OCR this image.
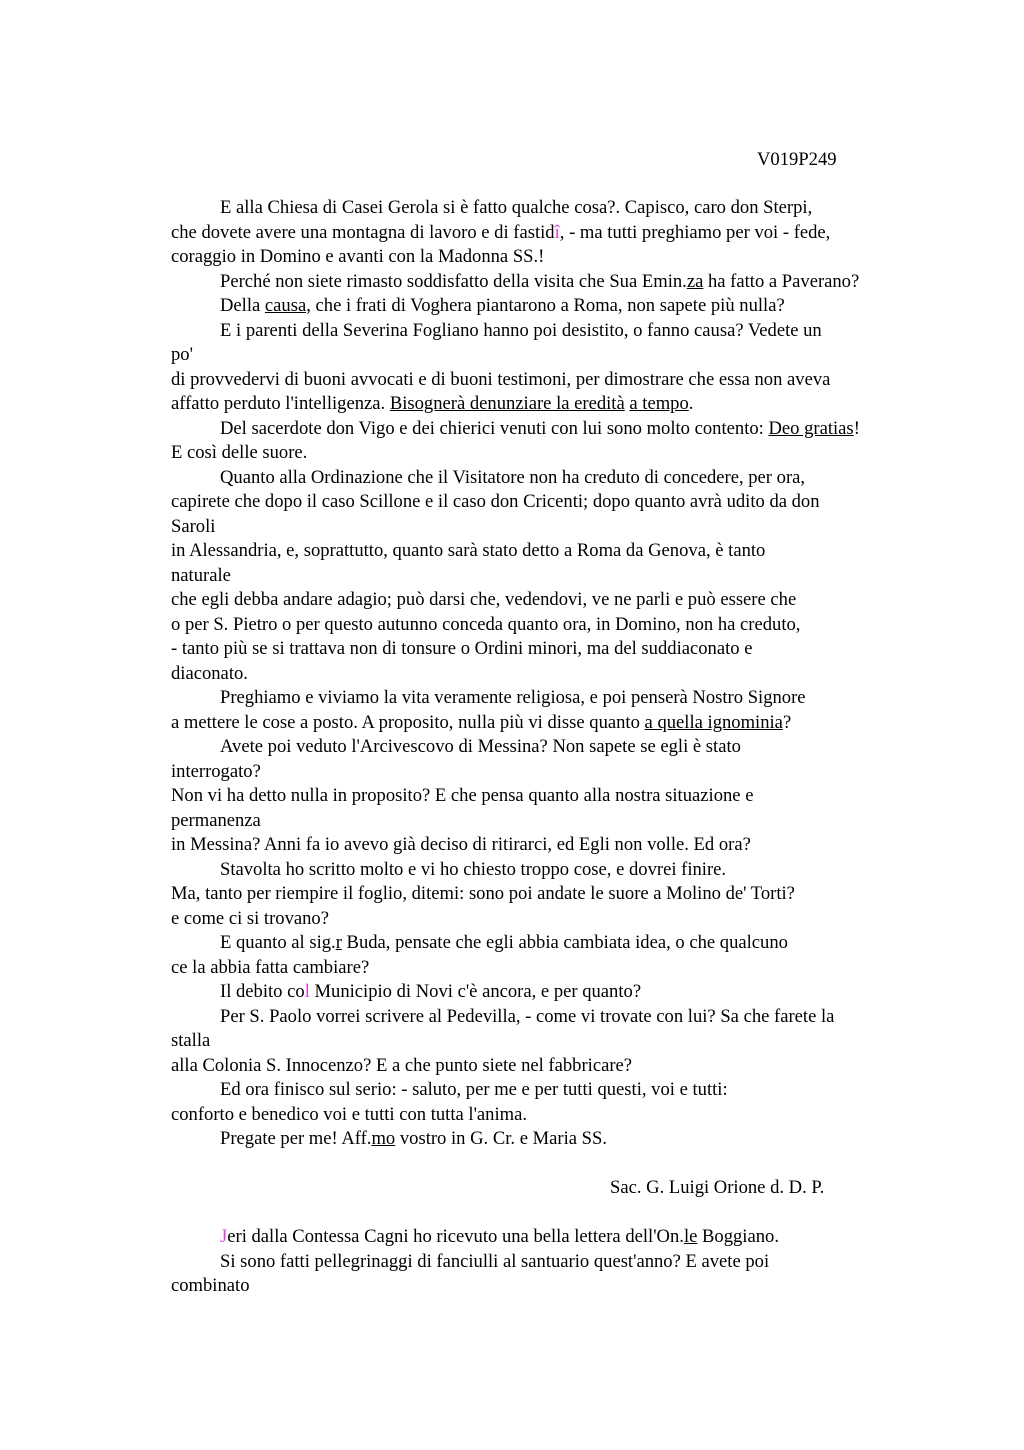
V019P249
E alla Chiesa di Casei Gerola si è fatto qualche cosa?. Capisco, caro don Sterpi,
che dovete avere una montagna di lavoro e di fastidî, - ma tutti preghiamo per voi - fede,
coraggio in Domino e avanti con la Madonna SS.!
Perché non siete rimasto soddisfatto della visita che Sua Emin.za ha fatto a Paverano?
Della causa, che i frati di Voghera piantarono a Roma, non sapete più nulla?
E i parenti della Severina Fogliano hanno poi desistito, o fanno causa? Vedete un
po'
di provvedervi di buoni avvocati e di buoni testimoni, per dimostrare che essa non aveva
affatto perduto l'intelligenza. Bisognerà denunziare la eredità a tempo.
Del sacerdote don Vigo e dei chierici venuti con lui sono molto contento: Deo gratias!
E così delle suore.
Quanto alla Ordinazione che il Visitatore non ha creduto di concedere, per ora,
capirete che dopo il caso Scillone e il caso don Cricenti; dopo quanto avrà udito da don
Saroli
in Alessandria, e, soprattutto, quanto sarà stato detto a Roma da Genova, è tanto
naturale
che egli debba andare adagio; può darsi che, vedendovi, ve ne parli e può essere che
o per S. Pietro o per questo autunno conceda quanto ora, in Domino, non ha creduto,
- tanto più se si trattava non di tonsure o Ordini minori, ma del suddiaconato e
diaconato.
Preghiamo e viviamo la vita veramente religiosa, e poi penserà Nostro Signore
a mettere le cose a posto. A proposito, nulla più vi disse quanto a quella ignominia?
Avete poi veduto l'Arcivescovo di Messina? Non sapete se egli è stato
interrogato?
Non vi ha detto nulla in proposito? E che pensa quanto alla nostra situazione e
permanenza
in Messina? Anni fa io avevo già deciso di ritirarci, ed Egli non volle. Ed ora?
Stavolta ho scritto molto e vi ho chiesto troppo cose, e dovrei finire.
Ma, tanto per riempire il foglio, ditemi: sono poi andate le suore a Molino de' Torti?
e come ci si trovano?
E quanto al sig.r Buda, pensate che egli abbia cambiata idea, o che qualcuno
ce la abbia fatta cambiare?
Il debito col Municipio di Novi c'è ancora, e per quanto?
Per S. Paolo vorrei scrivere al Pedevilla, - come vi trovate con lui? Sa che farete la
stalla
alla Colonia S. Innocenzo? E a che punto siete nel fabbricare?
Ed ora finisco sul serio: - saluto, per me e per tutti questi, voi e tutti:
conforto e benedico voi e tutti con tutta l'anima.
Pregate per me! Aff.mo vostro in G. Cr. e Maria SS.
Sac. G. Luigi Orione d. D. P.
Jeri dalla Contessa Cagni ho ricevuto una bella lettera dell'On.le Boggiano.
Si sono fatti pellegrinaggi di fanciulli al santuario quest'anno? E avete poi
combinato
